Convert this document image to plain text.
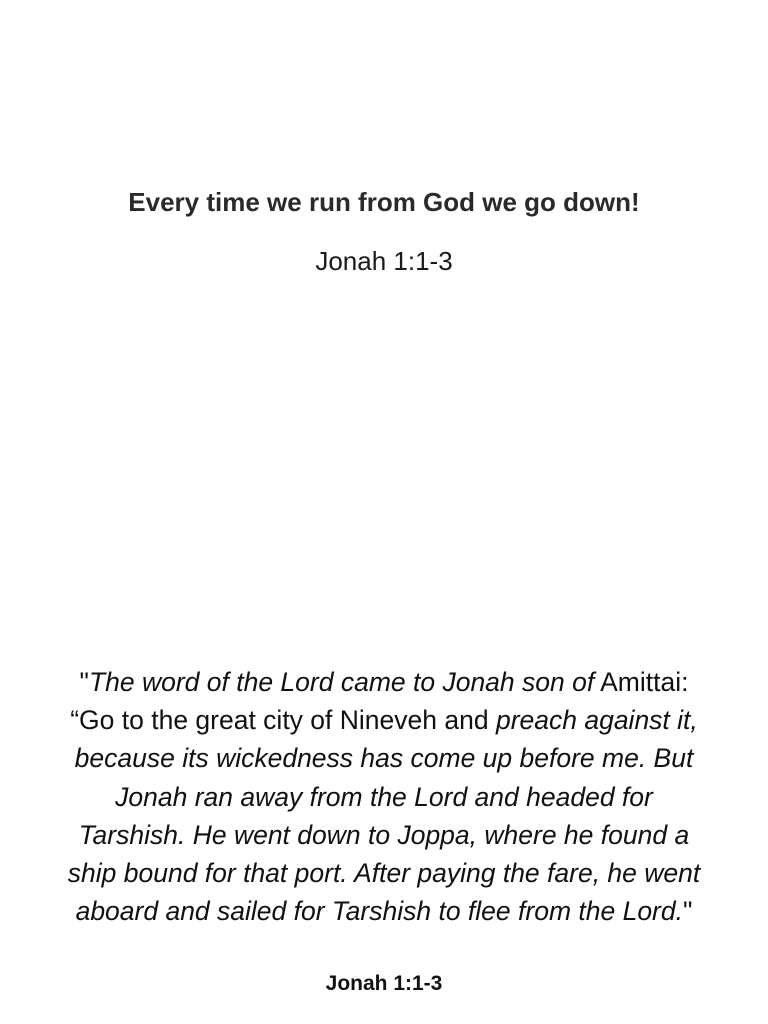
Every time we run from God we go down!
Jonah 1:1-3

"The word of the Lord came to Jonah son of Amittai: “Go to the great city of Nineveh and preach against it, because its wickedness has come up before me. But Jonah ran away from the Lord and headed for Tarshish. He went down to Joppa, where he found a ship bound for that port. After paying the fare, he went aboard and sailed for Tarshish to flee from the Lord."

Jonah 1:1-3
